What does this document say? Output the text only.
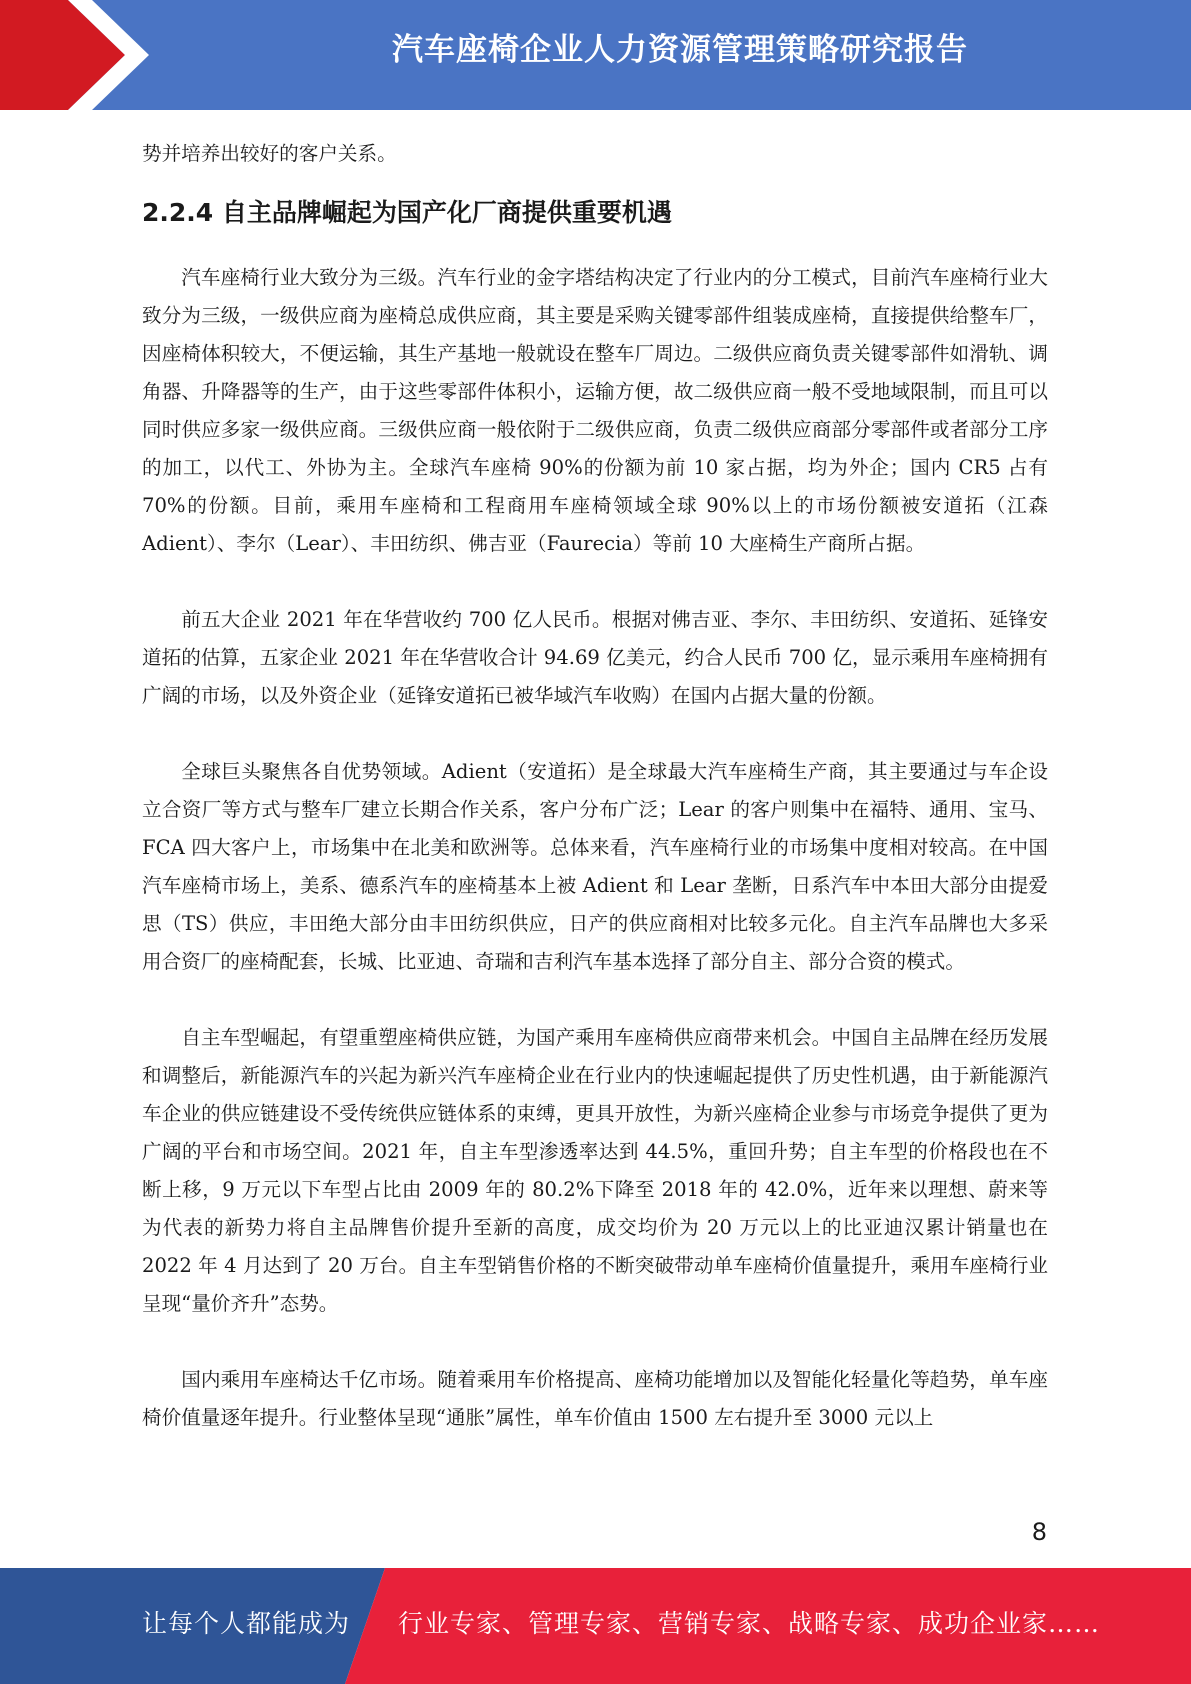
汽车座椅企业人力资源管理策略研究报告

势并培养出较好的客户关系。

2.2.4 自主品牌崛起为国产化厂商提供重要机遇

汽车座椅行业大致分为三级。汽车行业的金字塔结构决定了行业内的分工模式，目前汽车座椅行业大致分为三级，一级供应商为座椅总成供应商，其主要是采购关键零部件组装成座椅，直接提供给整车厂，因座椅体积较大，不便运输，其生产基地一般就设在整车厂周边。二级供应商负责关键零部件如滑轨、调角器、升降器等的生产，由于这些零部件体积小，运输方便，故二级供应商一般不受地域限制，而且可以同时供应多家一级供应商。三级供应商一般依附于二级供应商，负责二级供应商部分零部件或者部分工序的加工，以代工、外协为主。全球汽车座椅 90%的份额为前 10 家占据，均为外企；国内 CR5 占有 70%的份额。目前，乘用车座椅和工程商用车座椅领域全球 90%以上的市场份额被安道拓（江森 Adient）、李尔（Lear）、丰田纺织、佛吉亚（Faurecia）等前 10 大座椅生产商所占据。

前五大企业 2021 年在华营收约 700 亿人民币。根据对佛吉亚、李尔、丰田纺织、安道拓、延锋安道拓的估算，五家企业 2021 年在华营收合计 94.69 亿美元，约合人民币 700 亿，显示乘用车座椅拥有广阔的市场，以及外资企业（延锋安道拓已被华域汽车收购）在国内占据大量的份额。

全球巨头聚焦各自优势领域。Adient（安道拓）是全球最大汽车座椅生产商，其主要通过与车企设立合资厂等方式与整车厂建立长期合作关系，客户分布广泛；Lear 的客户则集中在福特、通用、宝马、FCA 四大客户上，市场集中在北美和欧洲等。总体来看，汽车座椅行业的市场集中度相对较高。在中国汽车座椅市场上，美系、德系汽车的座椅基本上被 Adient 和 Lear 垄断，日系汽车中本田大部分由提爱思（TS）供应，丰田绝大部分由丰田纺织供应，日产的供应商相对比较多元化。自主汽车品牌也大多采用合资厂的座椅配套，长城、比亚迪、奇瑞和吉利汽车基本选择了部分自主、部分合资的模式。

自主车型崛起，有望重塑座椅供应链，为国产乘用车座椅供应商带来机会。中国自主品牌在经历发展和调整后，新能源汽车的兴起为新兴汽车座椅企业在行业内的快速崛起提供了历史性机遇，由于新能源汽车企业的供应链建设不受传统供应链体系的束缚，更具开放性，为新兴座椅企业参与市场竞争提供了更为广阔的平台和市场空间。2021 年，自主车型渗透率达到 44.5%，重回升势；自主车型的价格段也在不断上移，9 万元以下车型占比由 2009 年的 80.2%下降至 2018 年的 42.0%，近年来以理想、蔚来等为代表的新势力将自主品牌售价提升至新的高度，成交均价为 20 万元以上的比亚迪汉累计销量也在 2022 年 4 月达到了 20 万台。自主车型销售价格的不断突破带动单车座椅价值量提升，乘用车座椅行业呈现“量价齐升”态势。

国内乘用车座椅达千亿市场。随着乘用车价格提高、座椅功能增加以及智能化轻量化等趋势，单车座椅价值量逐年提升。行业整体呈现“通胀”属性，单车价值由 1500 左右提升至 3000 元以上

8
让每个人都能成为 行业专家、管理专家、营销专家、战略专家、成功企业家……
